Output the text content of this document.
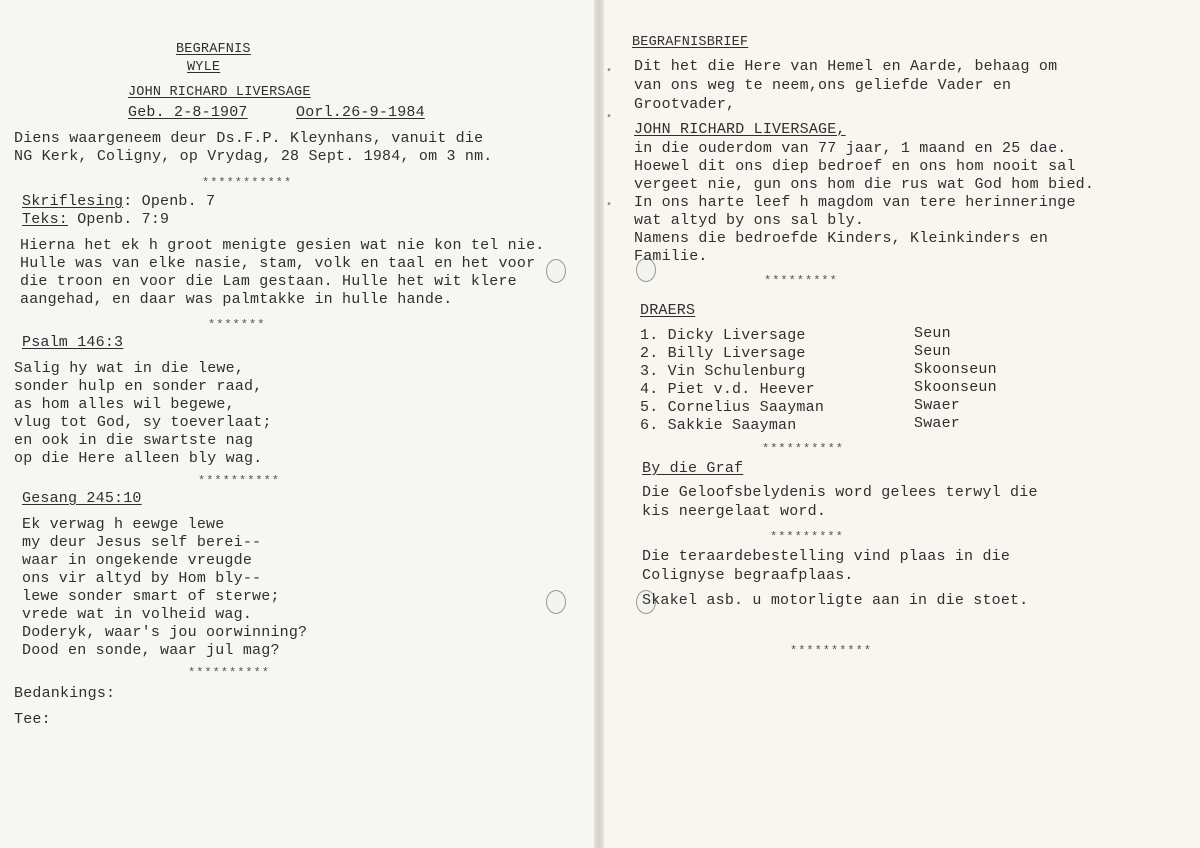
BEGRAFNIS
WYLE
JOHN RICHARD LIVERSAGE
Geb. 2-8-1907	Oorl.26-9-1984
Diens waargeneem deur Ds.F.P. Kleynhans, vanuit die
NG Kerk, Coligny, op Vrydag, 28 Sept. 1984, om 3 nm.
***********
Skriflesing: Openb. 7
Teks: Openb. 7:9
Hierna het ek h groot menigte gesien wat nie kon tel nie.
Hulle was van elke nasie, stam, volk en taal en het voor
die troon en voor die Lam gestaan. Hulle het wit klere
aangehad, en daar was palmtakke in hulle hande.
*******
Psalm 146:3
Salig hy wat in die lewe,
sonder hulp en sonder raad,
as hom alles wil begewe,
vlug tot God, sy toeverlaat;
en ook in die swartste nag
op die Here alleen bly wag.
**********
Gesang 245:10
Ek verwag h eewge lewe
my deur Jesus self berei--
waar in ongekende vreugde
ons vir altyd by Hom bly--
lewe sonder smart of sterwe;
vrede wat in volheid wag.
Doderyk, waar's jou oorwinning?
Dood en sonde, waar jul mag?
**********
Bedankings:
Tee:
•
•
•
BEGRAFNISBRIEF
Dit het die Here van Hemel en Aarde, behaag om
van ons weg te neem,ons geliefde Vader en
Grootvader,
JOHN RICHARD LIVERSAGE,
in die ouderdom van 77 jaar, 1 maand en 25 dae.
Hoewel dit ons diep bedroef en ons hom nooit sal
vergeet nie, gun ons hom die rus wat God hom bied.
In ons harte leef h magdom van tere herinneringe
wat altyd by ons sal bly.
Namens die bedroefde Kinders, Kleinkinders en
Familie.
*********
DRAERS
1. Dicky Liversage	Seun
2. Billy Liversage	Seun
3. Vin Schulenburg	Skoonseun
4. Piet v.d. Heever	Skoonseun
5. Cornelius Saayman	Swaer
6. Sakkie Saayman	Swaer
**********
By die Graf
Die Geloofsbelydenis word gelees terwyl die
kis neergelaat word.
*********
Die teraardebestelling vind plaas in die
Colignyse begraafplaas.
Skakel asb. u motorligte aan in die stoet.
**********
